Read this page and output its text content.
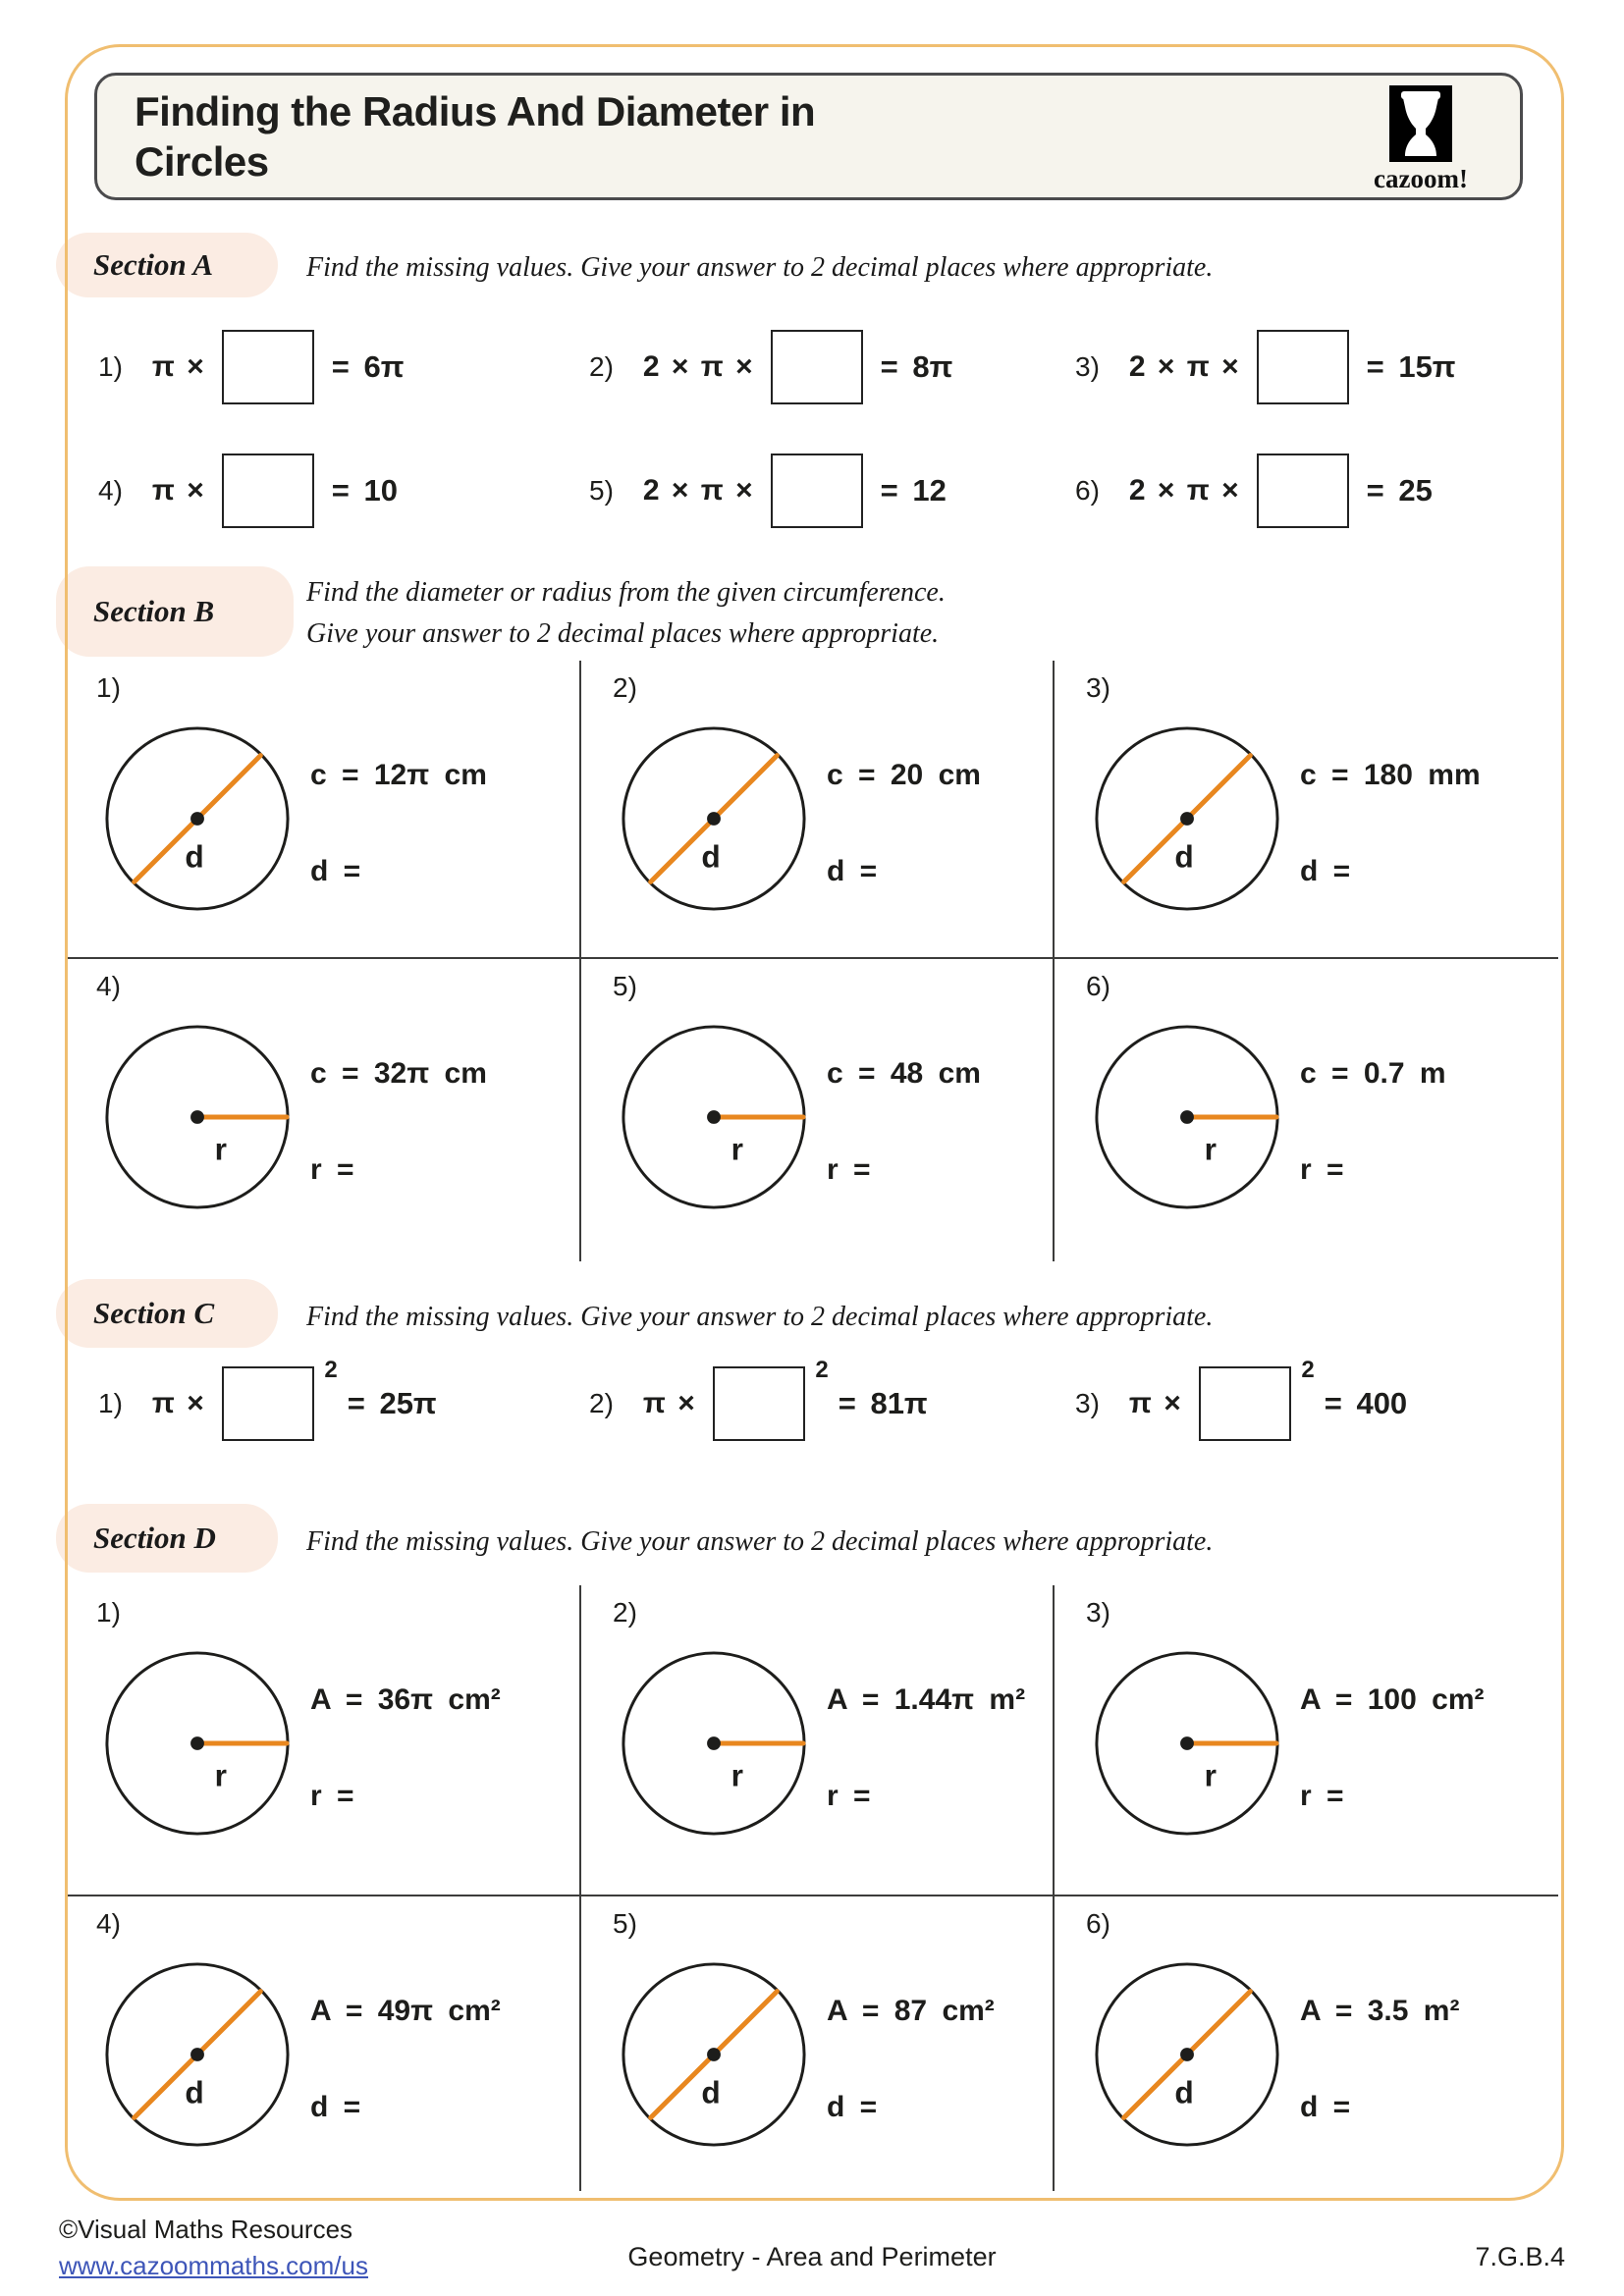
Finding the Radius And Diameter in
Circles	cazoom!
Section A	Find the missing values. Give your answer to 2 decimal places where appropriate.
1) π ×	= 6π	2) 2 × π ×	= 8π	3) 2 × π ×	= 15π
4) π ×	= 10	5) 2 × π ×	= 12	6) 2 × π ×	= 25
Section B
Find the diameter or radius from the given circumference.
Give your answer to 2 decimal places where appropriate.
1)
d
c = 12π cm
d =
2)
d
c = 20 cm
d =
3)
d
c = 180 mm
d =
4)
r
c = 32π cm
r =
5)
r
c = 48 cm
r =
6)
r
c = 0.7 m
r =
Section C	Find the missing values. Give your answer to 2 decimal places where appropriate.
1) π ×
2
= 25π	2) π ×
2
= 81π	3) π ×
2
= 400
Section D	Find the missing values. Give your answer to 2 decimal places where appropriate.
1)
r
A = 36π cm²
r =
2)
r
A = 1.44π m²
r =
3)
r
A = 100 cm²
r =
4)
d
A = 49π cm²
d =
5)
d
A = 87 cm²
d =
6)
d
A = 3.5 m²
d =
©Visual Maths Resources
www.cazoommaths.com/us	Geometry - Area and Perimeter	7.G.B.4
